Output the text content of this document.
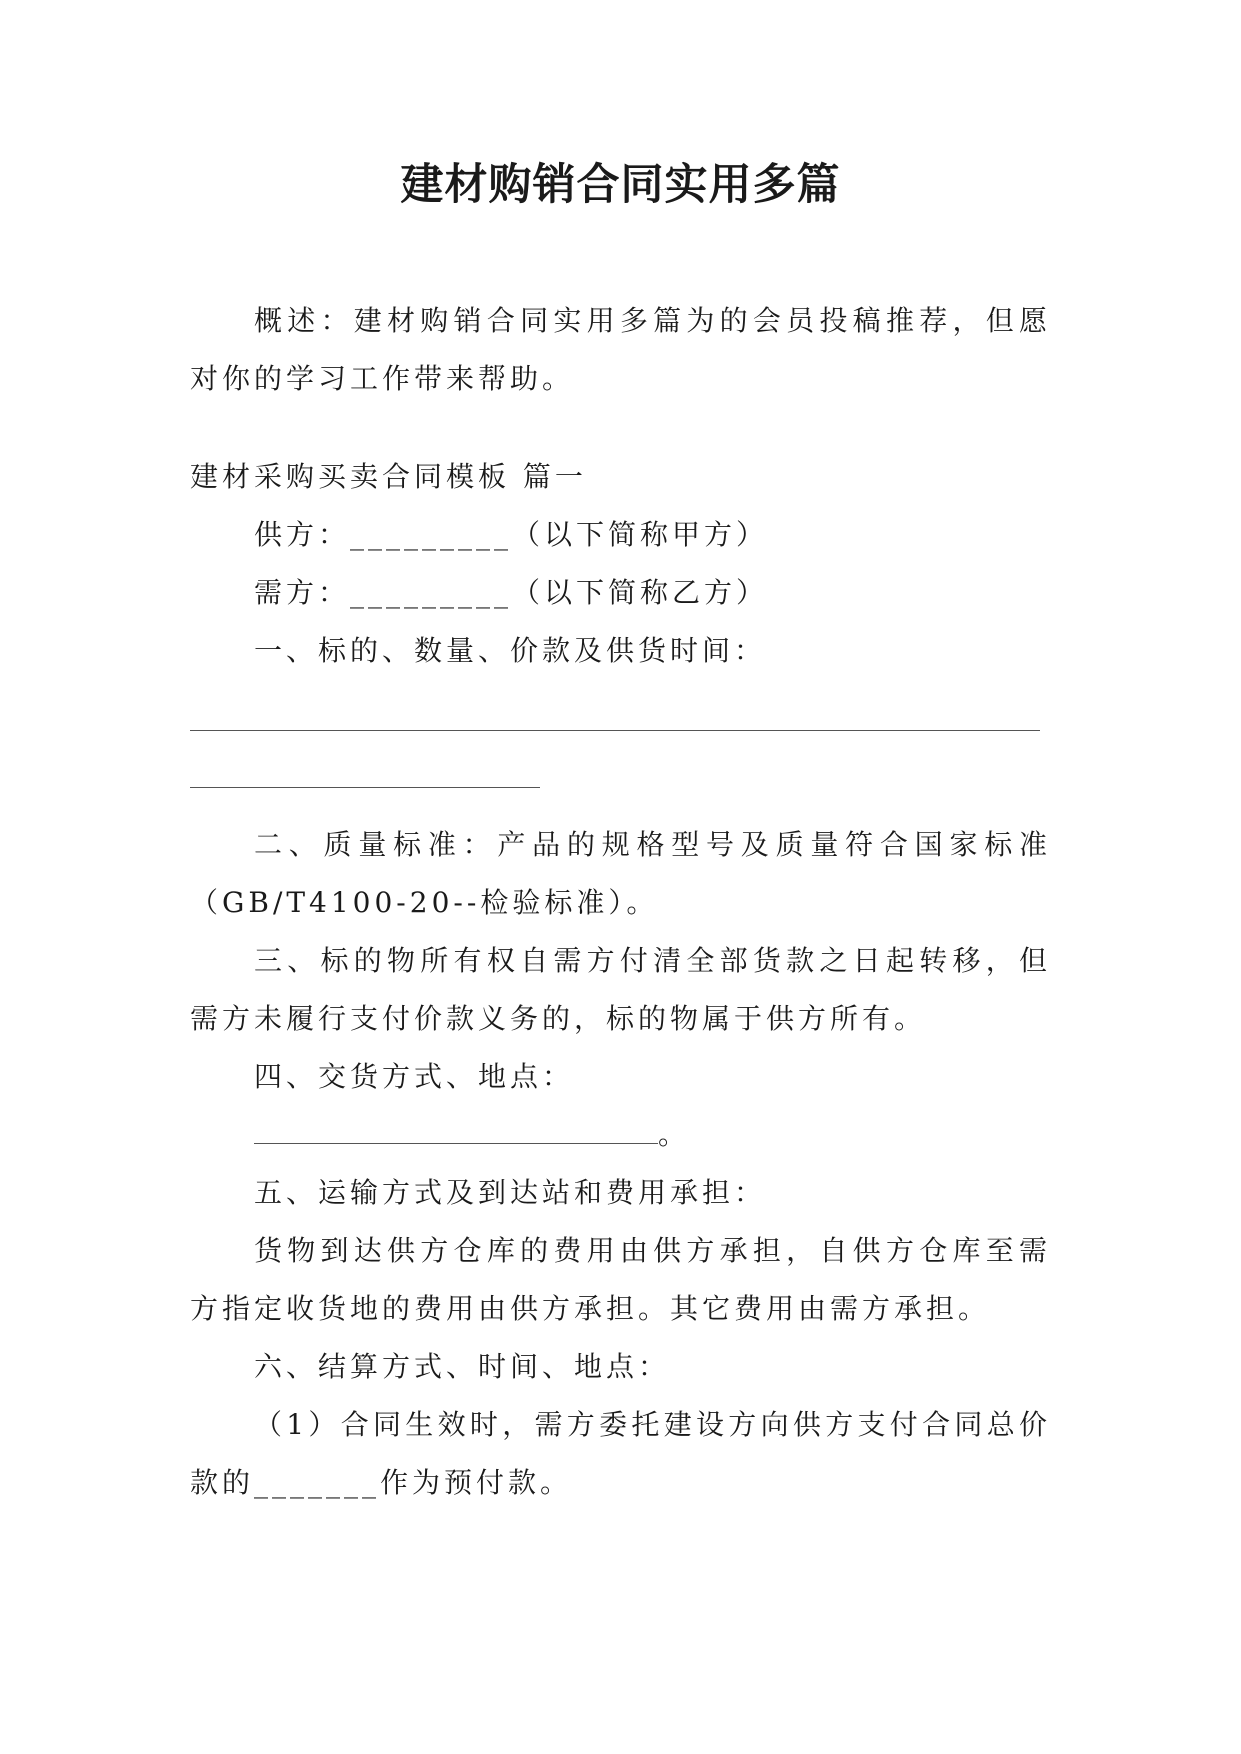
建材购销合同实用多篇

概述：建材购销合同实用多篇为的会员投稿推荐，但愿对你的学习工作带来帮助。

建材采购买卖合同模板 篇一

供方：_________（以下简称甲方）

需方：_________（以下简称乙方）

一、标的、数量、价款及供货时间：

二、质量标准：产品的规格型号及质量符合国家标准（GB/T4100-20--检验标准）。

三、标的物所有权自需方付清全部货款之日起转移，但需方未履行支付价款义务的，标的物属于供方所有。

四、交货方式、地点：

。

五、运输方式及到达站和费用承担：

货物到达供方仓库的费用由供方承担，自供方仓库至需方指定收货地的费用由供方承担。其它费用由需方承担。

六、结算方式、时间、地点：

（1）合同生效时，需方委托建设方向供方支付合同总价款的_______作为预付款。
